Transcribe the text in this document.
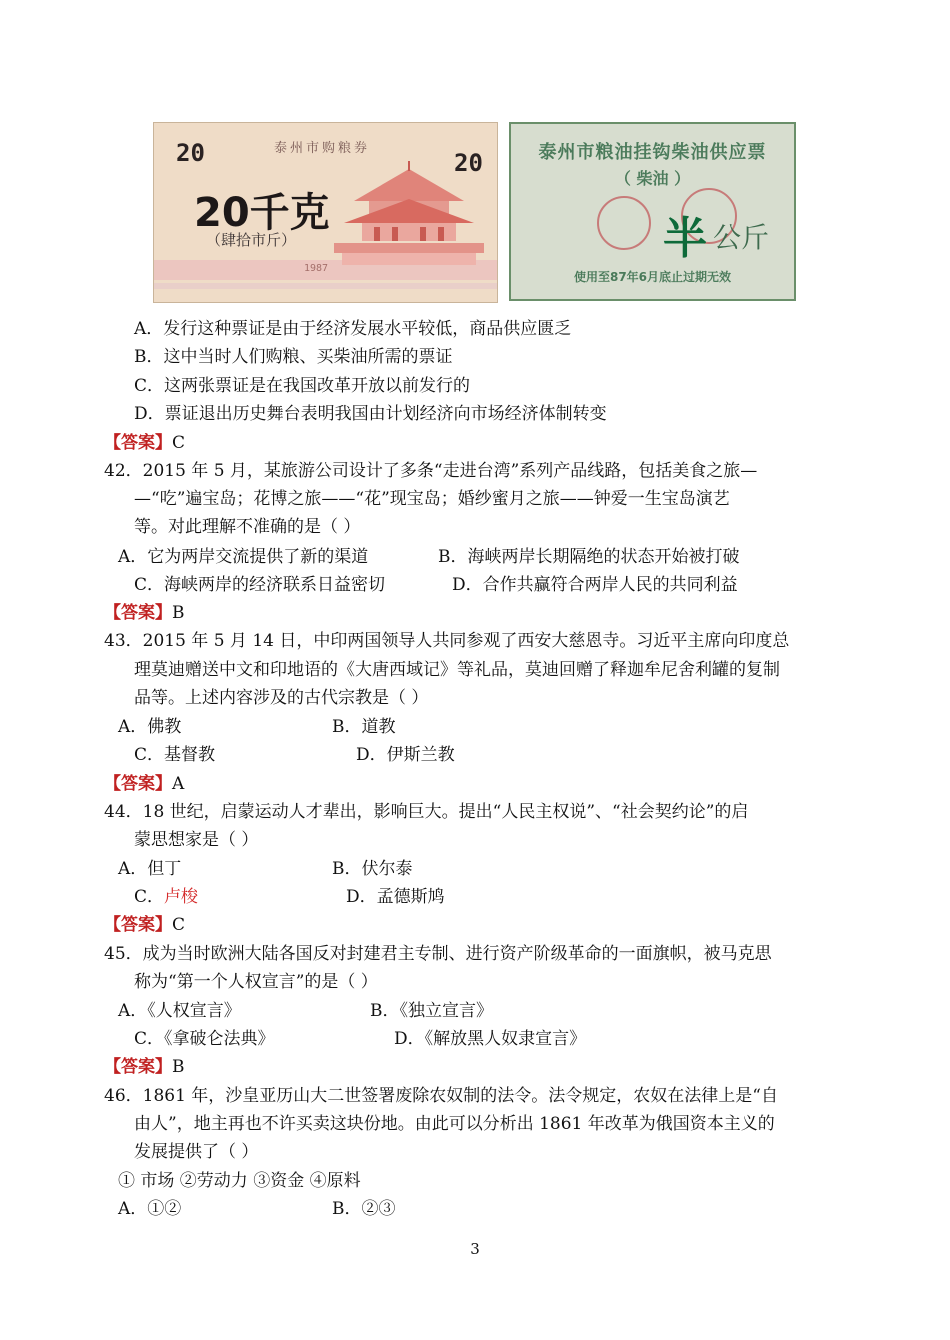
20	20
泰州市购粮券
20千克
（肆拾市斤）
1987
泰州市粮油挂钩柴油供应票
（ 柴油 ）
半 公斤
使用至87年6月底止过期无效
A．发行这种票证是由于经济发展水平较低，商品供应匮乏
B．这中当时人们购粮、买柴油所需的票证
C．这两张票证是在我国改革开放以前发行的
D．票证退出历史舞台表明我国由计划经济向市场经济体制转变
【答案】C
42．2015 年 5 月，某旅游公司设计了多条“走进台湾”系列产品线路，包括美食之旅—
—“吃”遍宝岛；花博之旅——“花”现宝岛；婚纱蜜月之旅——钟爱一生宝岛演艺
等。对此理解不准确的是（ ）
A．它为两岸交流提供了新的渠道	B．海峡两岸长期隔绝的状态开始被打破
C．海峡两岸的经济联系日益密切	D．合作共赢符合两岸人民的共同利益
【答案】B
43．2015 年 5 月 14 日，中印两国领导人共同参观了西安大慈恩寺。习近平主席向印度总
理莫迪赠送中文和印地语的《大唐西域记》等礼品，莫迪回赠了释迦牟尼舍利罐的复制
品等。上述内容涉及的古代宗教是（ ）
A．佛教	B．道教
C．基督教	D．伊斯兰教
【答案】A
44．18 世纪，启蒙运动人才辈出，影响巨大。提出“人民主权说”、“社会契约论”的启
蒙思想家是（ ）
A．但丁	B．伏尔泰
C．卢梭	D．孟德斯鸠
【答案】C
45．成为当时欧洲大陆各国反对封建君主专制、进行资产阶级革命的一面旗帜，被马克思
称为“第一个人权宣言”的是（ ）
A．《人权宣言》	B．《独立宣言》
C．《拿破仑法典》	D．《解放黑人奴隶宣言》
【答案】B
46．1861 年，沙皇亚历山大二世签署废除农奴制的法令。法令规定，农奴在法律上是“自
由人”，地主再也不许买卖这块份地。由此可以分析出 1861 年改革为俄国资本主义的
发展提供了（ ）
① 市场 ②劳动力 ③资金 ④原料
A．①②	B．②③
3
